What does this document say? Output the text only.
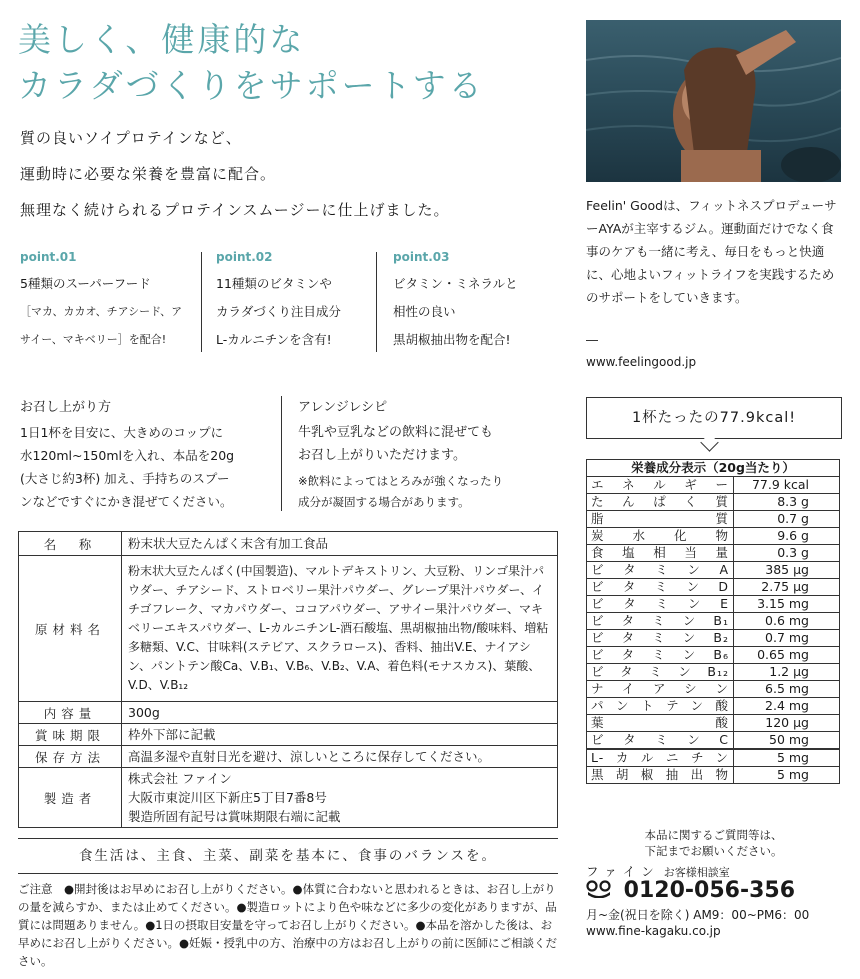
美しく、健康的な
カラダづくりをサポートする
質の良いソイプロテインなど、
運動時に必要な栄養を豊富に配合。
無理なく続けられるプロテインスムージーに仕上げました。
point.01
5種類のスーパーフード
［マカ、カカオ、チアシード、ア
サイー、マキベリー］を配合!
point.02
11種類のビタミンや
カラダづくり注目成分
L-カルニチンを含有!
point.03
ビタミン・ミネラルと
相性の良い
黒胡椒抽出物を配合!
お召し上がり方
1日1杯を目安に、大きめのコップに
水120ml~150mlを入れ、本品を20g
(大さじ約3杯) 加え、手持ちのスプー
ンなどですぐにかき混ぜてください。
アレンジレシピ
牛乳や豆乳などの飲料に混ぜても
お召し上がりいただけます。
※飲料によってはとろみが強くなったり
成分が凝固する場合があります。
名　称	粉末状大豆たんぱく末含有加工食品
原材料名	粉末状大豆たんぱく(中国製造)、マルトデキストリン、大豆粉、リンゴ果汁パウダー、チアシード、ストロベリー果汁パウダー、グレープ果汁パウダー、イチゴフレーク、マカパウダー、ココアパウダー、アサイー果汁パウダー、マキベリーエキスパウダー、L-カルニチンL-酒石酸塩、黒胡椒抽出物/酸味料、増粘多糖類、V.C、甘味料(ステビア、スクラロース)、香料、抽出V.E、ナイアシン、パントテン酸Ca、V.B₁、V.B₆、V.B₂、V.A、着色料(モナスカス)、葉酸、V.D、V.B₁₂
内容量	300g
賞味期限	枠外下部に記載
保存方法	高温多湿や直射日光を避け、涼しいところに保存してください。
製造者	株式会社 ファイン
大阪市東淀川区下新庄5丁目7番8号
製造所固有記号は賞味期限右端に記載
食生活は、主食、主菜、副菜を基本に、食事のバランスを。
ご注意　●開封後はお早めにお召し上がりください。●体質に合わないと思われるときは、お召し上がりの量を減らすか、または止めてください。●製造ロットにより色や味などに多少の変化がありますが、品質には問題ありません。●1日の摂取目安量を守ってお召し上がりください。●本品を溶かした後は、お早めにお召し上がりください。●妊娠・授乳中の方、治療中の方はお召し上がりの前に医師にご相談ください。
Feelin' Goodは、フィットネスプロデューサーAYAが主宰するジム。運動面だけでなく食事のケアも一緒に考え、毎日をもっと快適に、心地よいフィットライフを実践するためのサポートをしていきます。
―
www.feelingood.jp
1杯たったの77.9kcal!
栄養成分表示（20g当たり）	
エネルギー	77.9 kcal
たんぱく質	8.3 g
脂質	0.7 g
炭水化物	9.6 g
食塩相当量	0.3 g
ビタミンA	385 μg
ビタミンD	2.75 μg
ビタミンE	3.15 mg
ビタミンB₁	0.6 mg
ビタミンB₂	0.7 mg
ビタミンB₆	0.65 mg
ビタミンB₁₂	1.2 μg
ナイアシン	6.5 mg
パントテン酸	2.4 mg
葉酸	120 μg
ビタミンC	50 mg
L-カルニチン	5 mg
黒胡椒抽出物	5 mg
本品に関するご質問等は、
下記までお願いください。
ファイン お客様相談室
0120-056-356
月~金(祝日を除く) AM9：00~PM6：00
www.fine-kagaku.co.jp
